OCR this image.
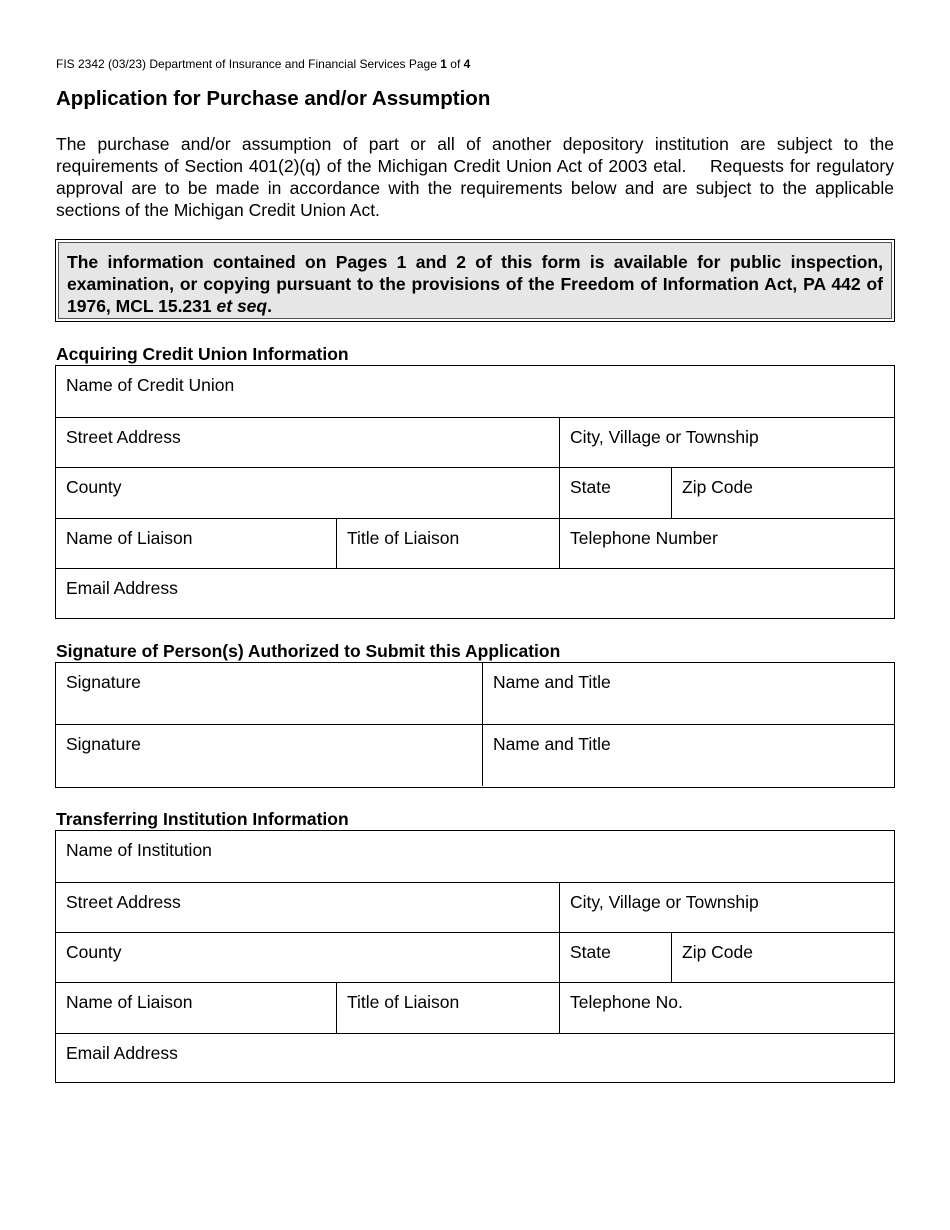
FIS 2342 (03/23) Department of Insurance and Financial Services Page 1 of 4
Application for Purchase and/or Assumption

The purchase and/or assumption of part or all of another depository institution are subject to the requirements of Section 401(2)(q) of the Michigan Credit Union Act of 2003 etal.    Requests for regulatory approval are to be made in accordance with the requirements below and are subject to the applicable sections of the Michigan Credit Union Act.

The information contained on Pages 1 and 2 of this form is available for public inspection, examination, or copying pursuant to the provisions of the Freedom of Information Act, PA 442 of 1976, MCL 15.231 et seq.
Acquiring Credit Union Information
Name of Credit Union
Street Address	City, Village or Township
County	State	Zip Code
Name of Liaison	Title of Liaison	Telephone Number
Email Address
Signature of Person(s) Authorized to Submit this Application
Signature	Name and Title
Signature	Name and Title
Transferring Institution Information
Name of Institution
Street Address	City, Village or Township
County	State	Zip Code
Name of Liaison	Title of Liaison	Telephone No.
Email Address
